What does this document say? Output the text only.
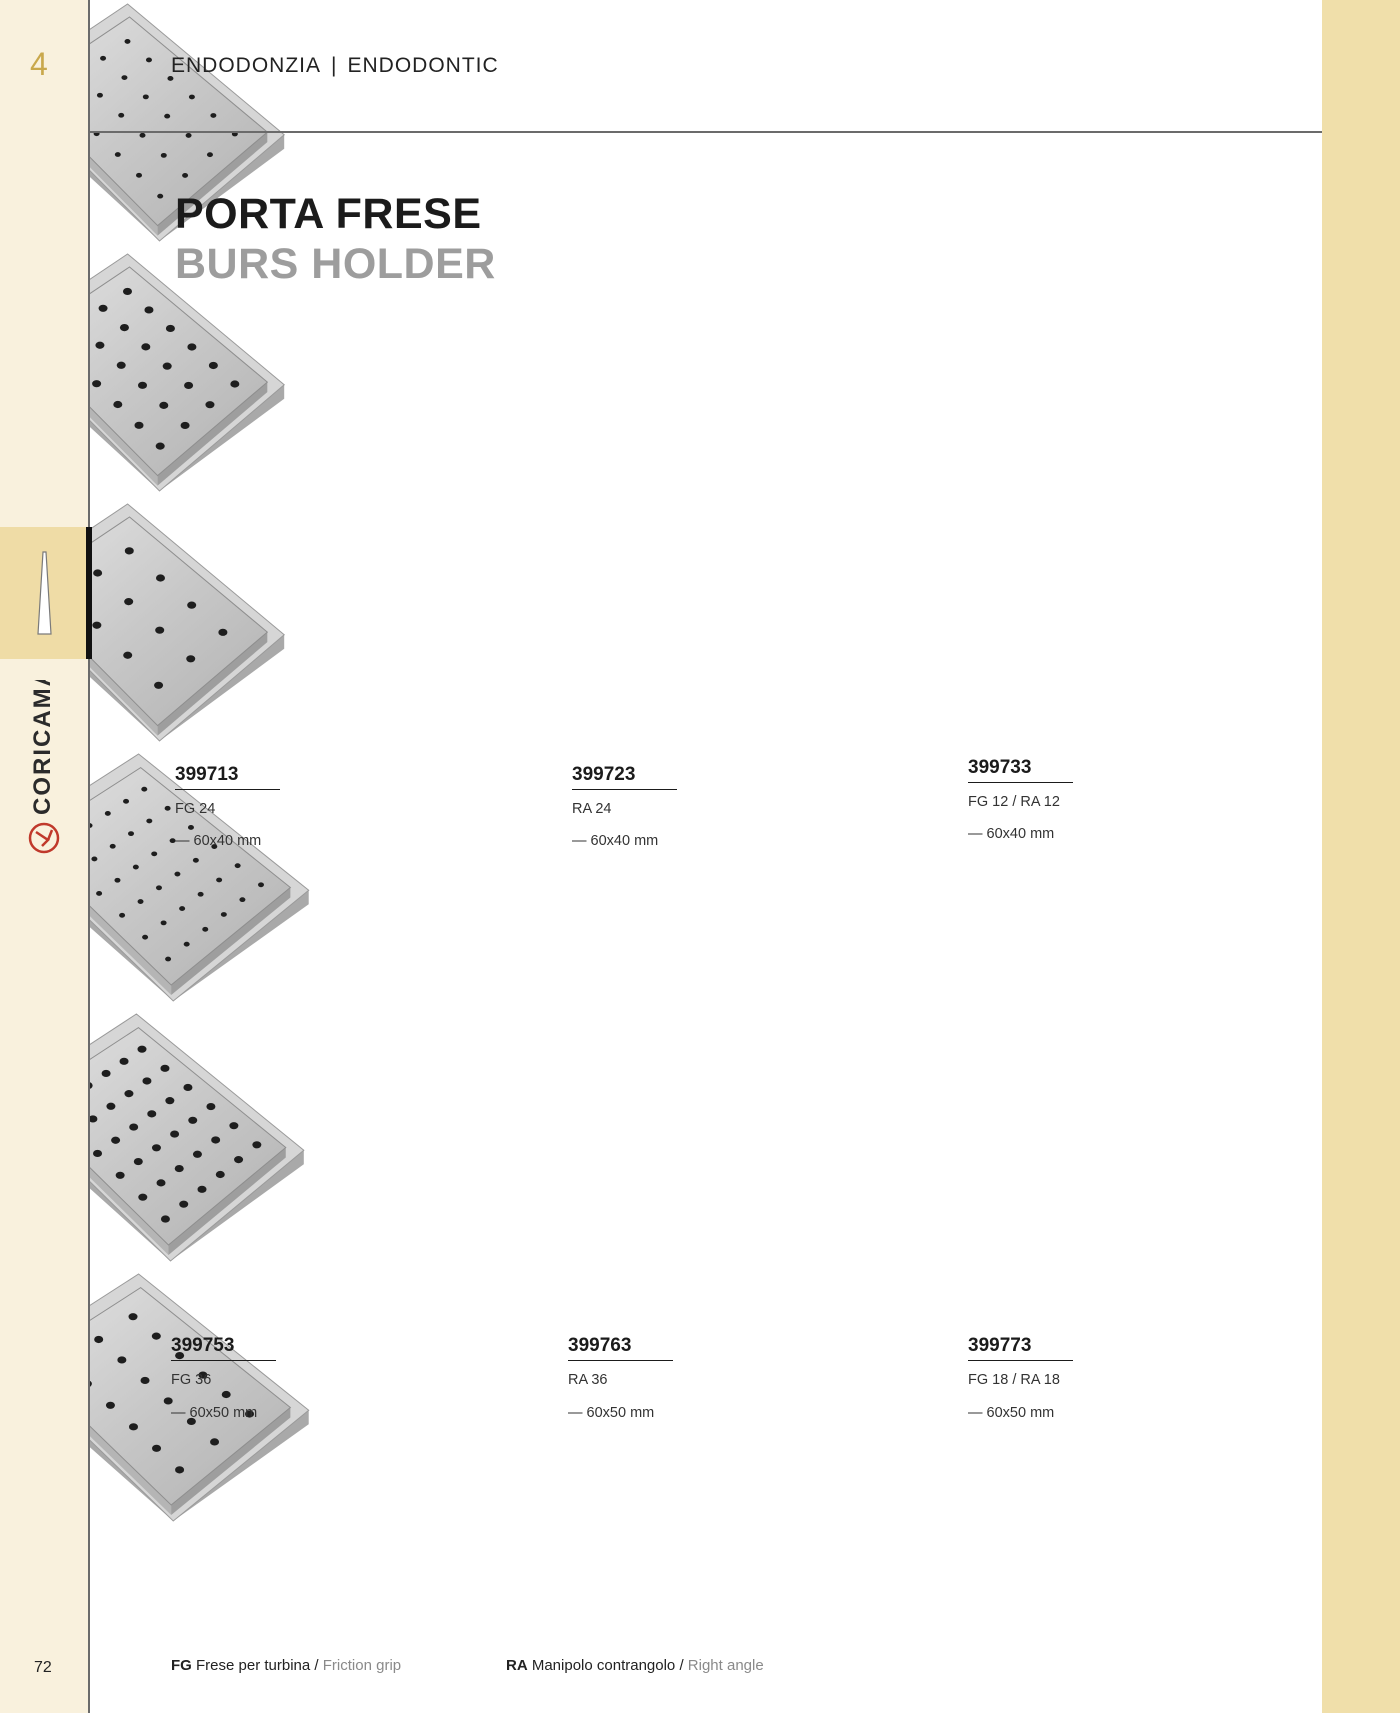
4
CORICAMA
72
ENDODONZIA | ENDODONTIC
PORTA FRESE
BURS HOLDER
399713
FG 24
— 60x40 mm
399723
RA 24
— 60x40 mm
399733
FG 12 / RA 12
— 60x40 mm
399753
FG 36
— 60x50 mm
399763
RA 36
— 60x50 mm
399773
FG 18 / RA 18
— 60x50 mm
FG Frese per turbina / Friction grip	RA Manipolo contrangolo / Right angle
